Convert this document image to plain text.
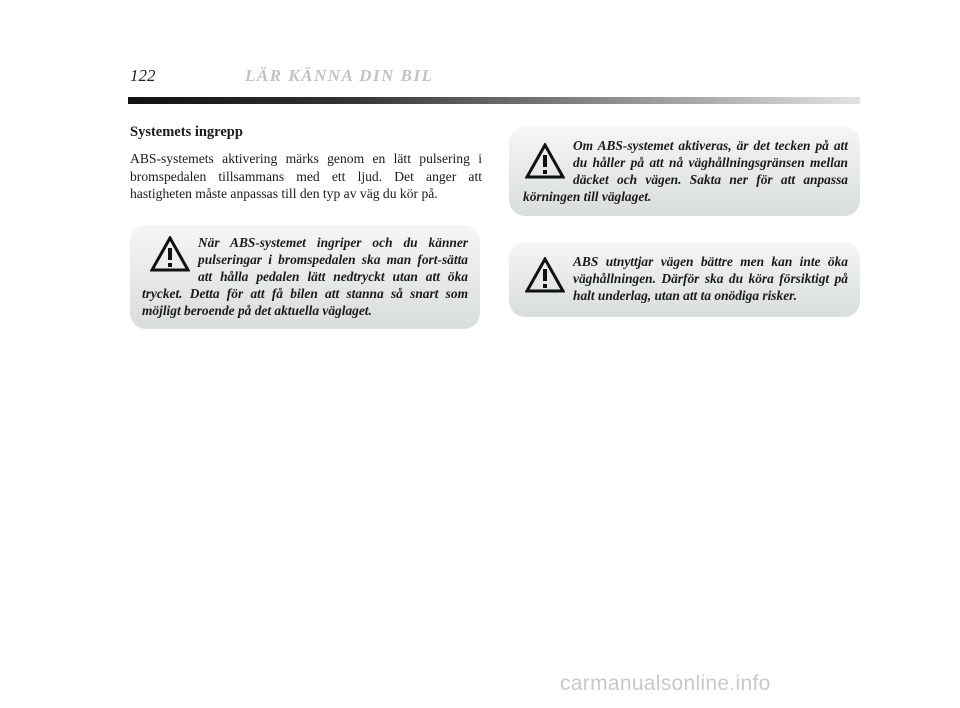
122	LÄR KÄNNA DIN BIL
Systemets ingrepp

ABS-systemets aktivering märks genom en lätt pulsering i bromspedalen tillsammans med ett ljud. Det anger att hastigheten måste anpassas till den typ av väg du kör på.

När ABS-systemet ingriper och du känner pulseringar i bromspedalen ska man fort-sätta att hålla pedalen lätt nedtryckt utan att öka trycket. Detta för att få bilen att stanna så snart som möjligt beroende på det aktuella väglaget.

Om ABS-systemet aktiveras, är det tecken på att du håller på att nå väghållningsgränsen mellan däcket och vägen. Sakta ner för att anpassa körningen till väglaget.

ABS utnyttjar vägen bättre men kan inte öka väghållningen. Därför ska du köra försiktigt på halt underlag, utan att ta onödiga risker.

carmanualsonline.info
